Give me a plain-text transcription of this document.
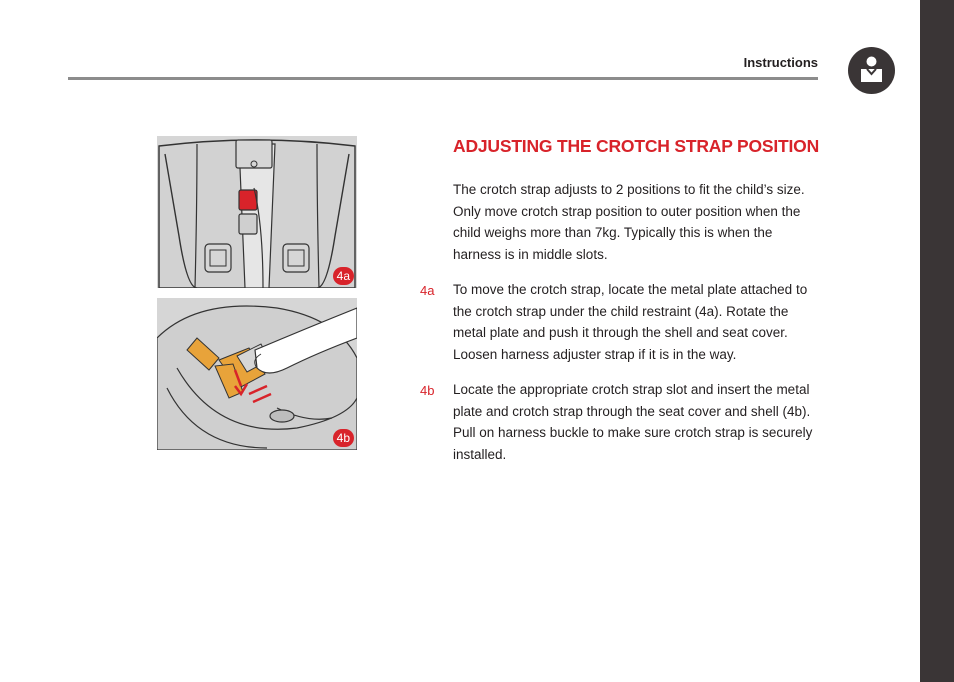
Instructions
4a
4b
ADJUSTING THE CROTCH STRAP POSITION

The crotch strap adjusts to 2 positions to fit the child’s size. Only move crotch strap position to outer position when the child weighs more than 7kg. Typically this is when the harness is in middle slots.

4a To move the crotch strap, locate the metal plate attached to the crotch strap under the child restraint (4a). Rotate the metal plate and push it through the shell and seat cover. Loosen harness adjuster strap if it is in the way.

4b Locate the appropriate crotch strap slot and insert the metal plate and crotch strap through the seat cover and shell (4b). Pull on harness buckle to make sure crotch strap is securely installed.
